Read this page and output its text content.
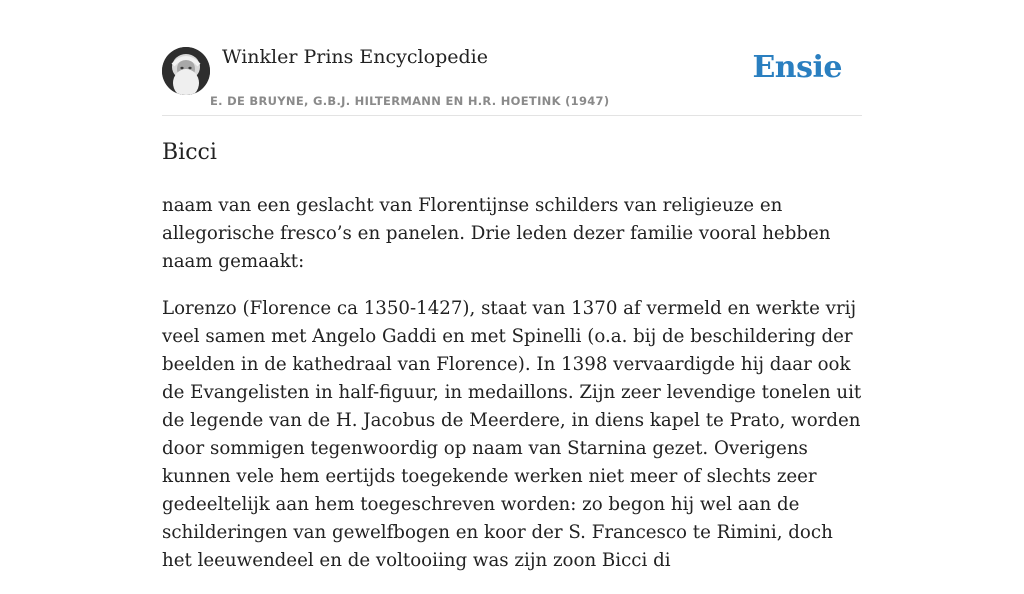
Winkler Prins Encyclopedie
E. DE BRUYNE, G.B.J. HILTERMANN EN H.R. HOETINK (1947)
Ensie
Bicci

naam van een geslacht van Florentijnse schilders van religieuze en allegorische fresco’s en panelen. Drie leden dezer familie vooral hebben naam gemaakt:

Lorenzo (Florence ca 1350-1427), staat van 1370 af vermeld en werkte vrij veel samen met Angelo Gaddi en met Spinelli (o.a. bij de beschildering der beelden in de kathedraal van Florence). In 1398 vervaardigde hij daar ook de Evangelisten in half-figuur, in medaillons. Zijn zeer levendige tonelen uit de legende van de H. Jacobus de Meerdere, in diens kapel te Prato, worden door sommigen tegenwoordig op naam van Starnina gezet. Overigens kunnen vele hem eertijds toegekende werken niet meer of slechts zeer gedeeltelijk aan hem toegeschreven worden: zo begon hij wel aan de schilderingen van gewelfbogen en koor der S. Francesco te Rimini, doch het leeuwendeel en de voltooiing was zijn zoon Bicci di
